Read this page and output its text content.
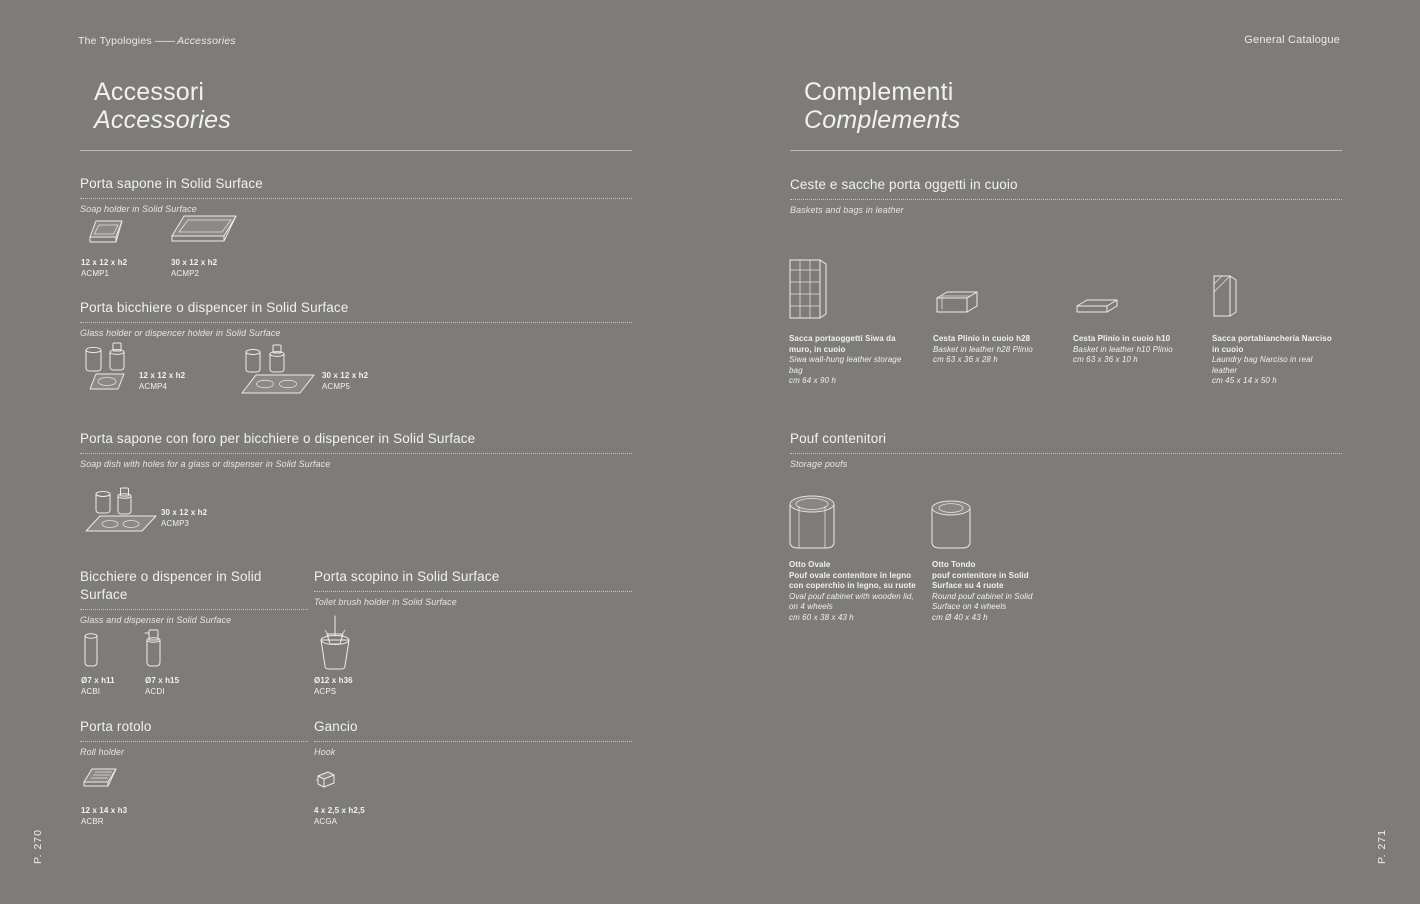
The Typologies —— Accessories	General Catalogue
Accessori
Accessories
Porta sapone in Solid Surface
Soap holder in Solid Surface
12 x 12 x h2
ACMP1
30 x 12 x h2
ACMP2
Porta bicchiere o dispencer in Solid Surface
Glass holder or dispencer holder in Solid Surface
12 x 12 x h2
ACMP4
30 x 12 x h2
ACMP5
Porta sapone con foro per bicchiere o dispencer in Solid Surface
Soap dish with holes for a glass or dispenser in Solid Surface
30 x 12 x h2
ACMP3
Bicchiere o dispencer in Solid Surface
Glass and dispenser in Solid Surface
Porta scopino in Solid Surface
Toilet brush holder in Solid Surface
Ø7 x h11
ACBI
Ø7 x h15
ACDI
Ø12 x h36
ACPS
Porta rotolo
Roll holder
Gancio
Hook
12 x 14 x h3
ACBR
4 x 2,5 x h2,5
ACGA
Complementi
Complements
Ceste e sacche porta oggetti in cuoio
Baskets and bags in leather
Sacca portaoggetti Siwa da muro, in cuoio
Siwa wall-hung leather storage bag
cm 64 x 90 h
Cesta Plinio in cuoio h28
Basket in leather h28 Plinio
cm 63 x 36 x 28 h
Cesta Plinio in cuoio h10
Basket in leather h10 Plinio
cm 63 x 36 x 10 h
Sacca portabiancheria Narciso in cuoio
Laundry bag Narciso in real leather
cm 45 x 14 x 50 h
Pouf contenitori
Storage poufs
Otto Ovale
Pouf ovale contenitore in legno con coperchio in legno, su ruote
Oval pouf cabinet with wooden lid, on 4 wheels
cm 60 x 38 x 43 h
Otto Tondo
pouf contenitore in Solid Surface su 4 ruote
Round pouf cabinet in Solid Surface on 4 wheels
cm Ø 40 x 43 h
P. 270	P. 271
